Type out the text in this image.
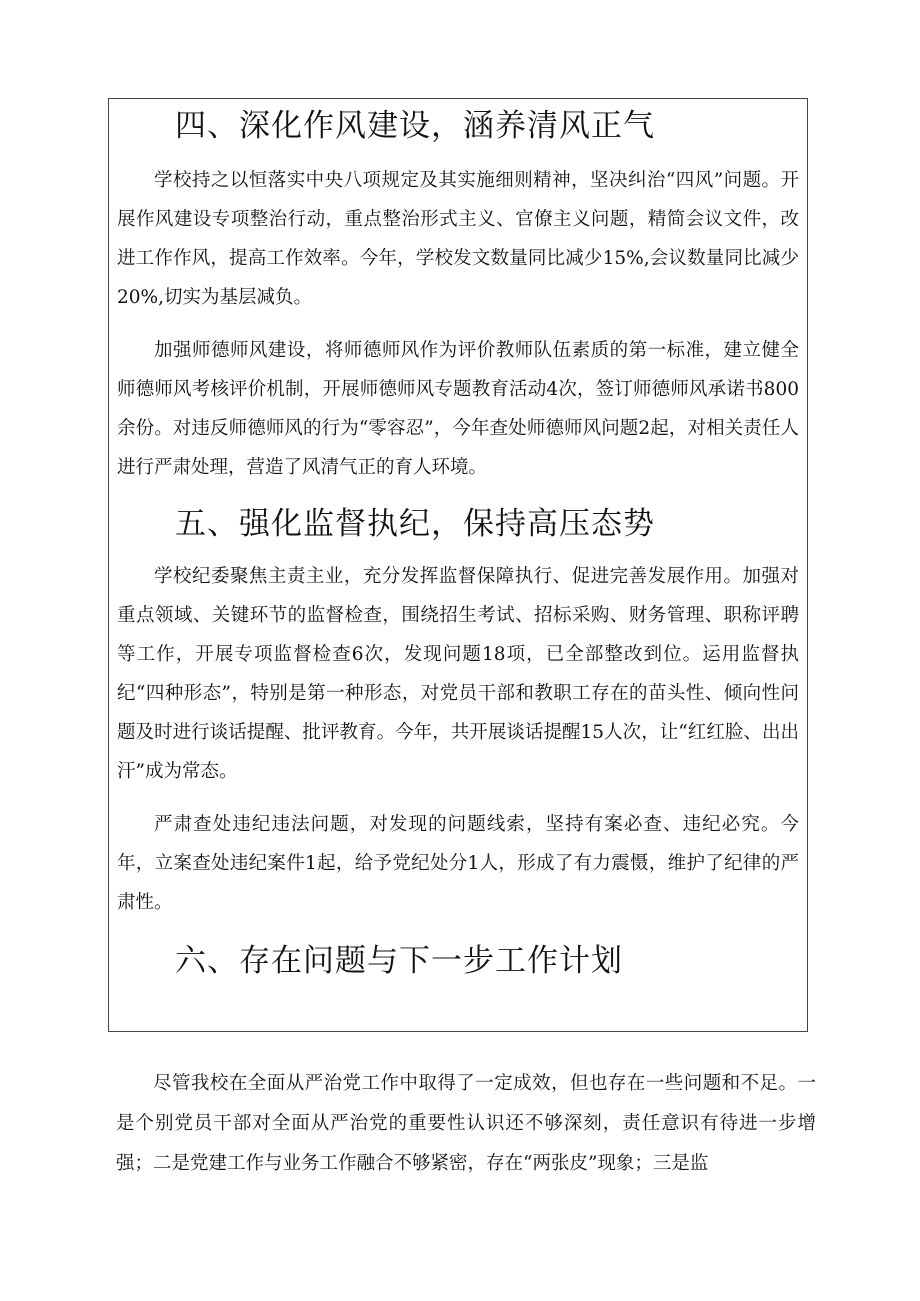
四、深化作风建设，涵养清风正气

学校持之以恒落实中央八项规定及其实施细则精神，坚决纠治“四风”问题。开展作风建设专项整治行动，重点整治形式主义、官僚主义问题，精简会议文件，改进工作作风，提高工作效率。今年，学校发文数量同比减少15%,会议数量同比减少20%,切实为基层减负。

加强师德师风建设，将师德师风作为评价教师队伍素质的第一标准，建立健全师德师风考核评价机制，开展师德师风专题教育活动4次，签订师德师风承诺书800余份。对违反师德师风的行为“零容忍”，今年查处师德师风问题2起，对相关责任人进行严肃处理，营造了风清气正的育人环境。

五、强化监督执纪，保持高压态势

学校纪委聚焦主责主业，充分发挥监督保障执行、促进完善发展作用。加强对重点领域、关键环节的监督检查，围绕招生考试、招标采购、财务管理、职称评聘等工作，开展专项监督检查6次，发现问题18项，已全部整改到位。运用监督执纪“四种形态”，特别是第一种形态，对党员干部和教职工存在的苗头性、倾向性问题及时进行谈话提醒、批评教育。今年，共开展谈话提醒15人次，让“红红脸、出出汗”成为常态。

严肃查处违纪违法问题，对发现的问题线索，坚持有案必查、违纪必究。今年，立案查处违纪案件1起，给予党纪处分1人，形成了有力震慑，维护了纪律的严肃性。

六、存在问题与下一步工作计划

尽管我校在全面从严治党工作中取得了一定成效，但也存在一些问题和不足。一是个别党员干部对全面从严治党的重要性认识还不够深刻，责任意识有待进一步增强；二是党建工作与业务工作融合不够紧密，存在“两张皮”现象；三是监
